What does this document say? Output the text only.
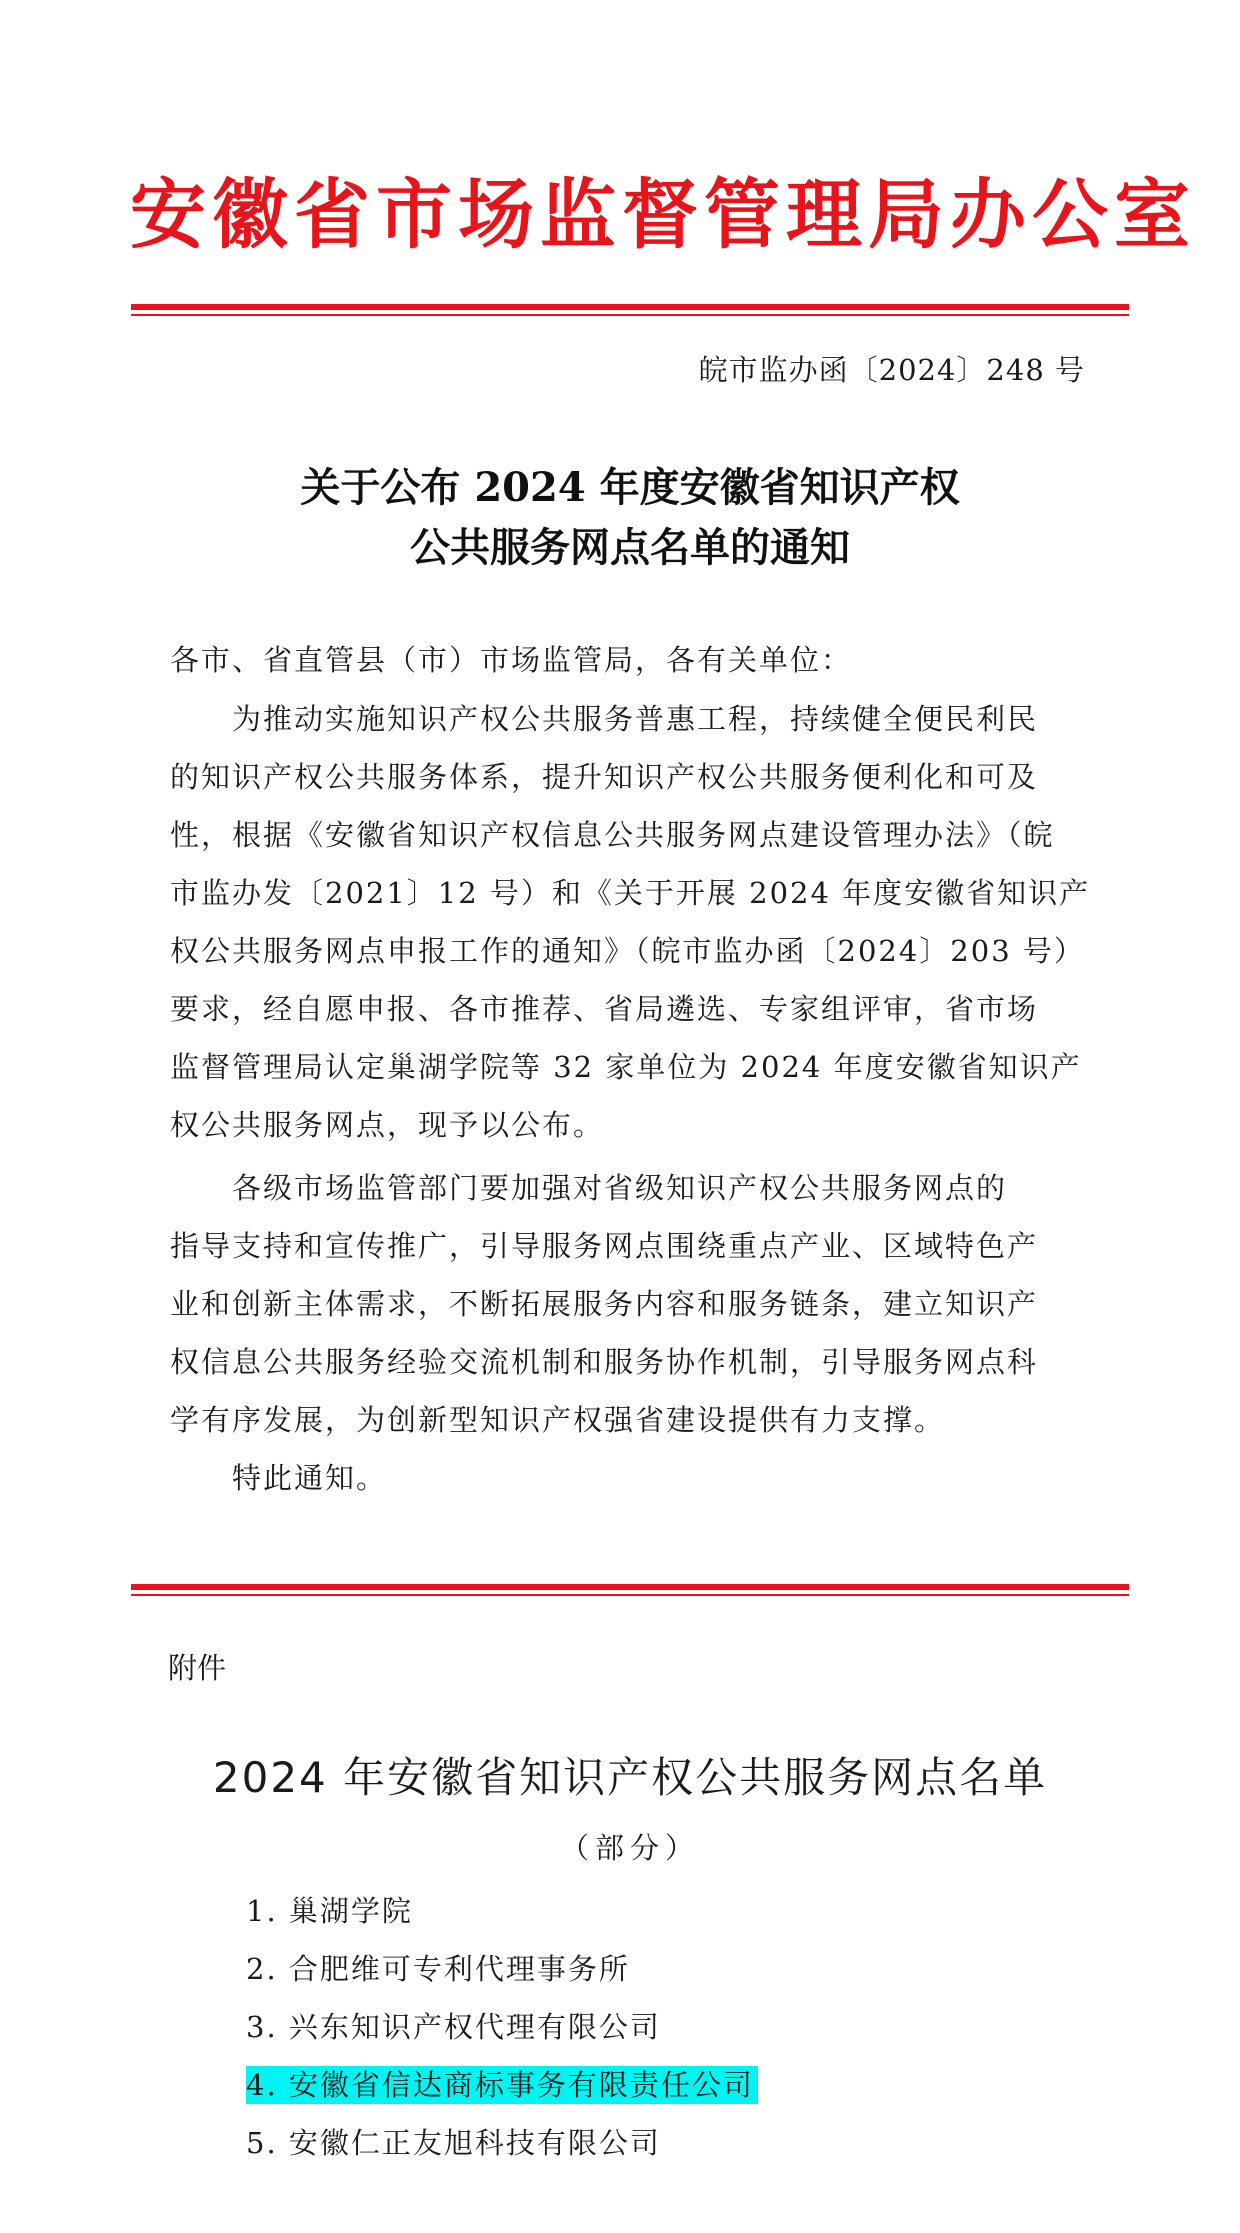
安徽省市场监督管理局办公室
皖市监办函〔2024〕248 号
关于公布 2024 年度安徽省知识产权
公共服务网点名单的通知
各市、省直管县（市）市场监管局，各有关单位：
为推动实施知识产权公共服务普惠工程，持续健全便民利民
的知识产权公共服务体系，提升知识产权公共服务便利化和可及
性，根据《安徽省知识产权信息公共服务网点建设管理办法》（皖
市监办发〔2021〕12 号）和《关于开展 2024 年度安徽省知识产
权公共服务网点申报工作的通知》（皖市监办函〔2024〕203 号）
要求，经自愿申报、各市推荐、省局遴选、专家组评审，省市场
监督管理局认定巢湖学院等 32 家单位为 2024 年度安徽省知识产
权公共服务网点，现予以公布。
各级市场监管部门要加强对省级知识产权公共服务网点的
指导支持和宣传推广，引导服务网点围绕重点产业、区域特色产
业和创新主体需求，不断拓展服务内容和服务链条，建立知识产
权信息公共服务经验交流机制和服务协作机制，引导服务网点科
学有序发展，为创新型知识产权强省建设提供有力支撑。
特此通知。
附件
2024 年安徽省知识产权公共服务网点名单
（部分）
1. 巢湖学院
2. 合肥维可专利代理事务所
3. 兴东知识产权代理有限公司
4. 安徽省信达商标事务有限责任公司
5. 安徽仁正友旭科技有限公司
